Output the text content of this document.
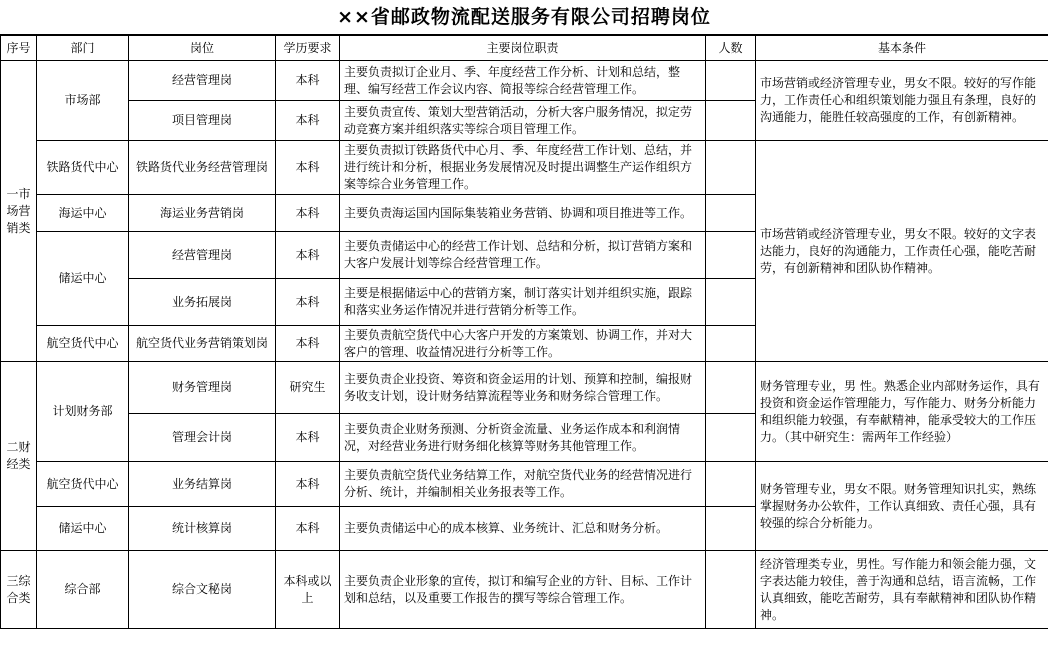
××省邮政物流配送服务有限公司招聘岗位
序号	部门	岗位	学历要求	主要岗位职责	人数	基本条件
一市场营销类	市场部	经营管理岗	本科	主要负责拟订企业月、季、年度经营工作分析、计划和总结，整理、编写经营工作会议内容、简报等综合经营管理工作。		市场营销或经济管理专业，男女不限。较好的写作能力，工作责任心和组织策划能力强且有条理，良好的沟通能力，能胜任较高强度的工作，有创新精神。
		项目管理岗	本科	主要负责宣传、策划大型营销活动，分析大客户服务情况，拟定劳动竞赛方案并组织落实等综合项目管理工作。		
	铁路货代中心	铁路货代业务经营管理岗	本科	主要负责拟订铁路货代中心月、季、年度经营工作计划、总结，并进行统计和分析，根据业务发展情况及时提出调整生产运作组织方案等综合业务管理工作。		市场营销或经济管理专业，男女不限。较好的文字表达能力，良好的沟通能力，工作责任心强，能吃苦耐劳，有创新精神和团队协作精神。
	海运中心	海运业务营销岗	本科	主要负责海运国内国际集装箱业务营销、协调和项目推进等工作。		
	储运中心	经营管理岗	本科	主要负责储运中心的经营工作计划、总结和分析，拟订营销方案和大客户发展计划等综合经营管理工作。		
		业务拓展岗	本科	主要是根据储运中心的营销方案，制订落实计划并组织实施，跟踪和落实业务运作情况并进行营销分析等工作。		
	航空货代中心	航空货代业务营销策划岗	本科	主要负责航空货代中心大客户开发的方案策划、协调工作，并对大客户的管理、收益情况进行分析等工作。		
二财经类	计划财务部	财务管理岗	研究生	主要负责企业投资、筹资和资金运用的计划、预算和控制，编报财务收支计划，设计财务结算流程等业务和财务综合管理工作。		财务管理专业，男 性。熟悉企业内部财务运作，具有投资和资金运作管理能力，写作能力、财务分析能力和组织能力较强，有奉献精神，能承受较大的工作压力。（其中研究生：需两年工作经验）
		管理会计岗	本科	主要负责企业财务预测、分析资金流量、业务运作成本和利润情况，对经营业务进行财务细化核算等财务其他管理工作。		
	航空货代中心	业务结算岗	本科	主要负责航空货代业务结算工作，对航空货代业务的经营情况进行分析、统计，并编制相关业务报表等工作。		财务管理专业，男女不限。财务管理知识扎实，熟练掌握财务办公软件，工作认真细致、责任心强，具有较强的综合分析能力。
	储运中心	统计核算岗	本科	主要负责储运中心的成本核算、业务统计、汇总和财务分析。		
三综合类	综合部	综合文秘岗	本科或以上	主要负责企业形象的宣传，拟订和编写企业的方针、目标、工作计划和总结，以及重要工作报告的撰写等综合管理工作。		经济管理类专业，男性。写作能力和领会能力强，文字表达能力较佳，善于沟通和总结，语言流畅，工作认真细致，能吃苦耐劳，具有奉献精神和团队协作精神。
